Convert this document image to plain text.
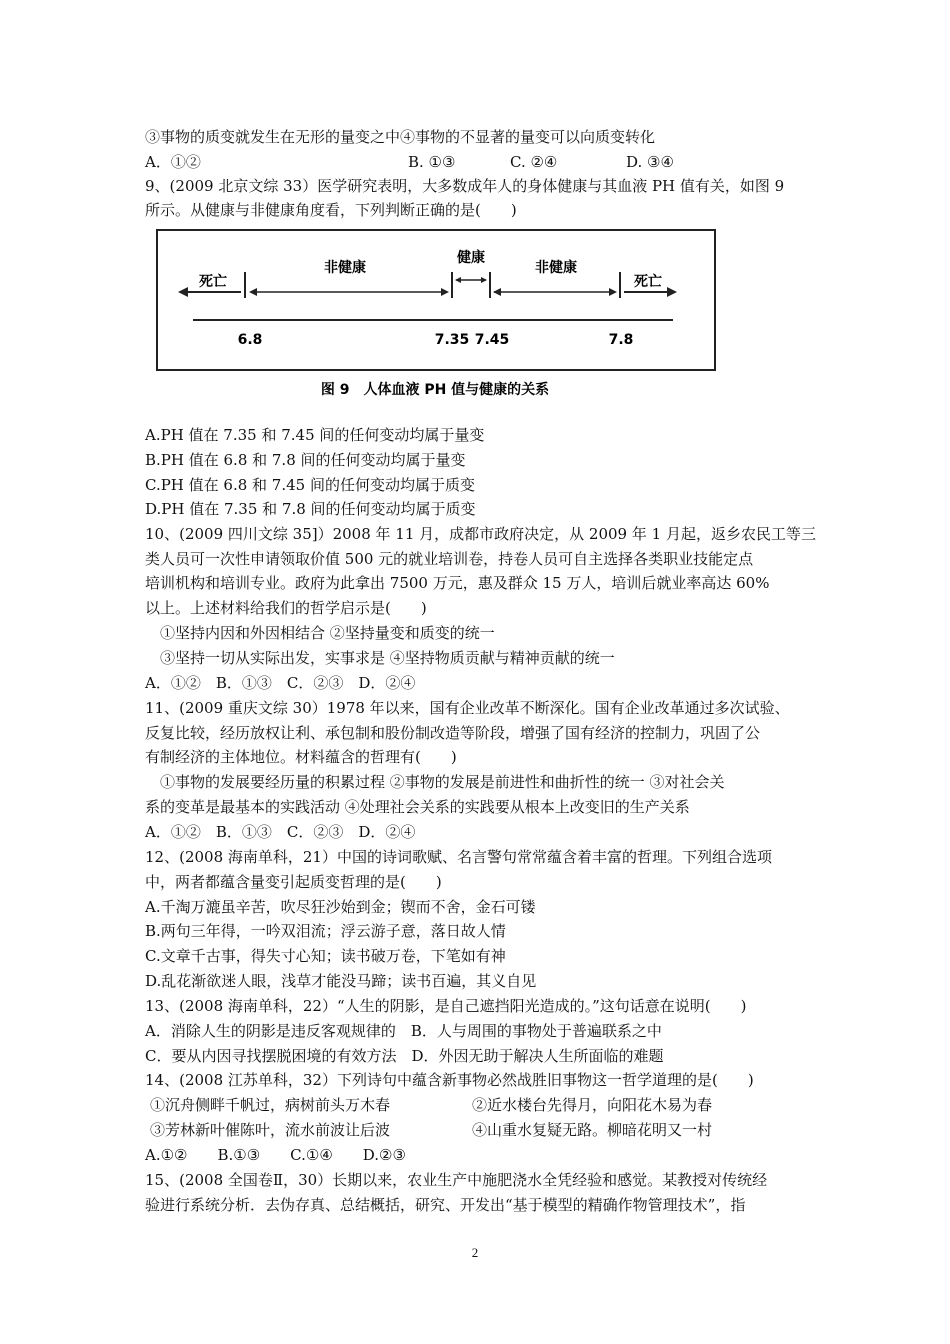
③事物的质变就发生在无形的量变之中④事物的不显著的量变可以向质变转化
A．①②	B. ①③	C. ②④	D. ③④
9、(2009 北京文综 33）医学研究表明，大多数成年人的身体健康与其血液 PH 值有关，如图 9
所示。从健康与非健康角度看，下列判断正确的是(　　)
死亡
非健康
健康
非健康
死亡
6.8	7.35 7.45	7.8
图 9　人体血液 PH 值与健康的关系
A.PH 值在 7.35 和 7.45 间的任何变动均属于量变
B.PH 值在 6.8 和 7.8 间的任何变动均属于量变
C.PH 值在 6.8 和 7.45 间的任何变动均属于质变
D.PH 值在 7.35 和 7.8 间的任何变动均属于质变
10、(2009 四川文综 35]）2008 年 11 月，成都市政府决定，从 2009 年 1 月起，返乡农民工等三
类人员可一次性申请领取价值 500 元的就业培训卷，持卷人员可自主选择各类职业技能定点
培训机构和培训专业。政府为此拿出 7500 万元，惠及群众 15 万人，培训后就业率高达 60%
以上。上述材料给我们的哲学启示是(　　)
①坚持内因和外因相结合 ②坚持量变和质变的统一
③坚持一切从实际出发，实事求是 ④坚持物质贡献与精神贡献的统一
A．①②　B．①③　C．②③　D．②④
11、(2009 重庆文综 30）1978 年以来，国有企业改革不断深化。国有企业改革通过多次试验、
反复比较，经历放权让利、承包制和股份制改造等阶段，增强了国有经济的控制力，巩固了公
有制经济的主体地位。材料蕴含的哲理有(　　)
①事物的发展要经历量的积累过程 ②事物的发展是前进性和曲折性的统一 ③对社会关
系的变革是最基本的实践活动 ④处理社会关系的实践要从根本上改变旧的生产关系
A．①②　B．①③　C．②③　D．②④
12、(2008 海南单科，21）中国的诗词歌赋、名言警句常常蕴含着丰富的哲理。下列组合选项
中，两者都蕴含量变引起质变哲理的是(　　)
A.千淘万漉虽辛苦，吹尽狂沙始到金；锲而不舍，金石可镂
B.两句三年得，一吟双泪流；浮云游子意，落日故人情
C.文章千古事，得失寸心知；读书破万卷，下笔如有神
D.乱花渐欲迷人眼，浅草才能没马蹄；读书百遍，其义自见
13、(2008 海南单科，22）“人生的阴影，是自己遮挡阳光造成的。”这句话意在说明(　　)
A．消除人生的阴影是违反客观规律的　B．人与周围的事物处于普遍联系之中
C．要从内因寻找摆脱困境的有效方法　D．外因无助于解决人生所面临的难题
14、(2008 江苏单科，32）下列诗句中蕴含新事物必然战胜旧事物这一哲学道理的是(　　)
①沉舟侧畔千帆过，病树前头万木春	②近水楼台先得月，向阳花木易为春
③芳林新叶催陈叶，流水前波让后波	④山重水复疑无路。柳暗花明又一村
A.①②　　B.①③　　C.①④　　D.②③
15、(2008 全国卷Ⅱ，30）长期以来，农业生产中施肥浇水全凭经验和感觉。某教授对传统经
验进行系统分析．去伪存真、总结概括，研究、开发出“基于模型的精确作物管理技术”，指
2
